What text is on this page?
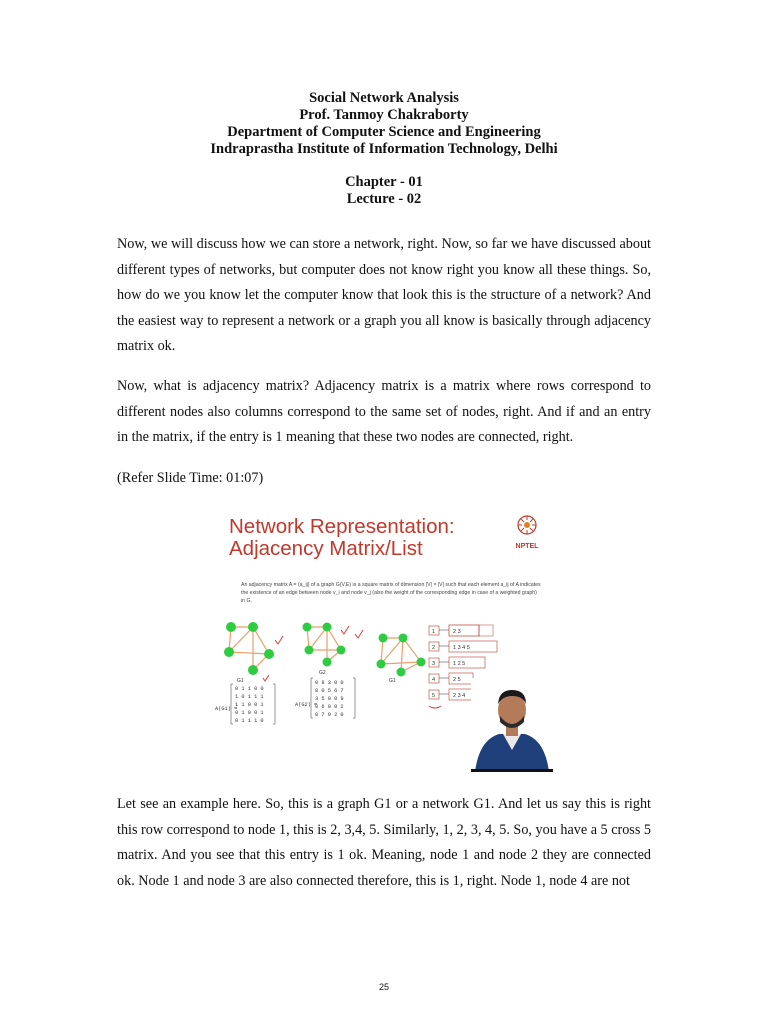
Social Network Analysis
Prof. Tanmoy Chakraborty
Department of Computer Science and Engineering
Indraprastha Institute of Information Technology, Delhi
Chapter - 01
Lecture - 02

Now, we will discuss how we can store a network, right. Now, so far we have discussed about different types of networks, but computer does not know right you know all these things. So, how do we you know let the computer know that look this is the structure of a network? And the easiest way to represent a network or a graph you all know is basically through adjacency matrix ok.

Now, what is adjacency matrix? Adjacency matrix is a matrix where rows correspond to different nodes also columns correspond to the same set of nodes, right. And if and an entry in the matrix, if the entry is 1 meaning that these two nodes are connected, right.

(Refer Slide Time: 01:07)

Network Representation:
Adjacency Matrix/List	NPTEL
An adjacency matrix A = (a_ij) of a graph G(V,E) is a square matrix of dimension |V| × |V| such that each element a_ij of A indicates the existence of an edge between node v_i and node v_j (also the weight of the corresponding edge in case of a weighted graph) in G.
G1
A(G1) =
0 1 1 0 0
1 0 1 1 1
1 1 0 0 1
0 1 0 0 1
0 1 1 1 0
G2
A(G2) =
0 8 3 0 0
8 0 5 6 7
3 5 0 0 9
0 6 0 0 2
0 7 9 2 0
G1
1	2 3
2	1 3 4 5
3	1 2 5
4	2 5
5	2 3 4

Let see an example here. So, this is a graph G1 or a network G1. And let us say this is right this row correspond to node 1, this is 2, 3,4, 5. Similarly, 1, 2, 3, 4, 5. So, you have a 5 cross 5 matrix. And you see that this entry is 1 ok. Meaning, node 1 and node 2 they are connected ok. Node 1 and node 3 are also connected therefore, this is 1, right. Node 1, node 4 are not

25
